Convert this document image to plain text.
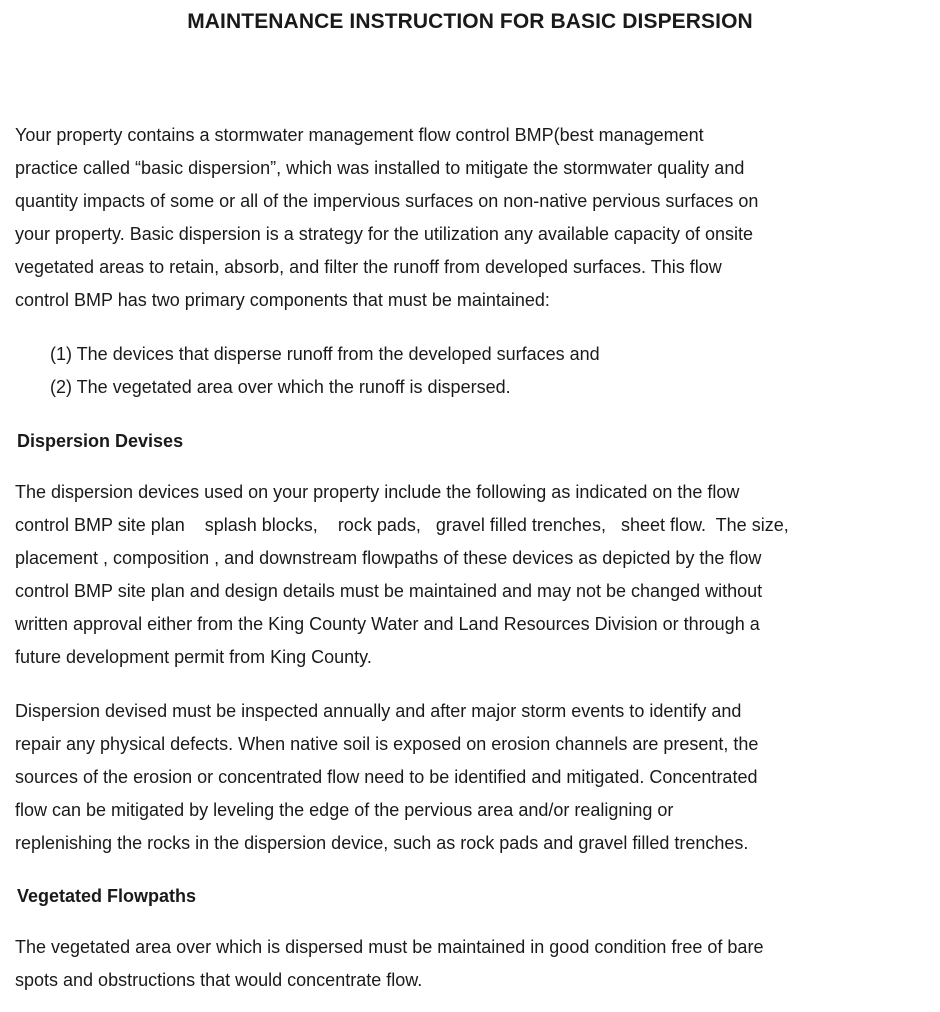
MAINTENANCE INSTRUCTION FOR BASIC DISPERSION
Your property contains a stormwater management flow control BMP(best management
practice called “basic dispersion”, which was installed to mitigate the stormwater quality and
quantity impacts of some or all of the impervious surfaces on non-native pervious surfaces on
your property. Basic dispersion is a strategy for the utilization any available capacity of onsite
vegetated areas to retain, absorb, and filter the runoff from developed surfaces. This flow
control BMP has two primary components that must be maintained:
(1) The devices that disperse runoff from the developed surfaces and
(2) The vegetated area over which the runoff is dispersed.
Dispersion Devises
The dispersion devices used on your property include the following as indicated on the flow
control BMP site plan    splash blocks,    rock pads,   gravel filled trenches,   sheet flow.  The size,
placement , composition , and downstream flowpaths of these devices as depicted by the flow
control BMP site plan and design details must be maintained and may not be changed without
written approval either from the King County Water and Land Resources Division or through a
future development permit from King County.
Dispersion devised must be inspected annually and after major storm events to identify and
repair any physical defects. When native soil is exposed on erosion channels are present, the
sources of the erosion or concentrated flow need to be identified and mitigated. Concentrated
flow can be mitigated by leveling the edge of the pervious area and/or realigning or
replenishing the rocks in the dispersion device, such as rock pads and gravel filled trenches.
Vegetated Flowpaths
The vegetated area over which is dispersed must be maintained in good condition free of bare
spots and obstructions that would concentrate flow.
